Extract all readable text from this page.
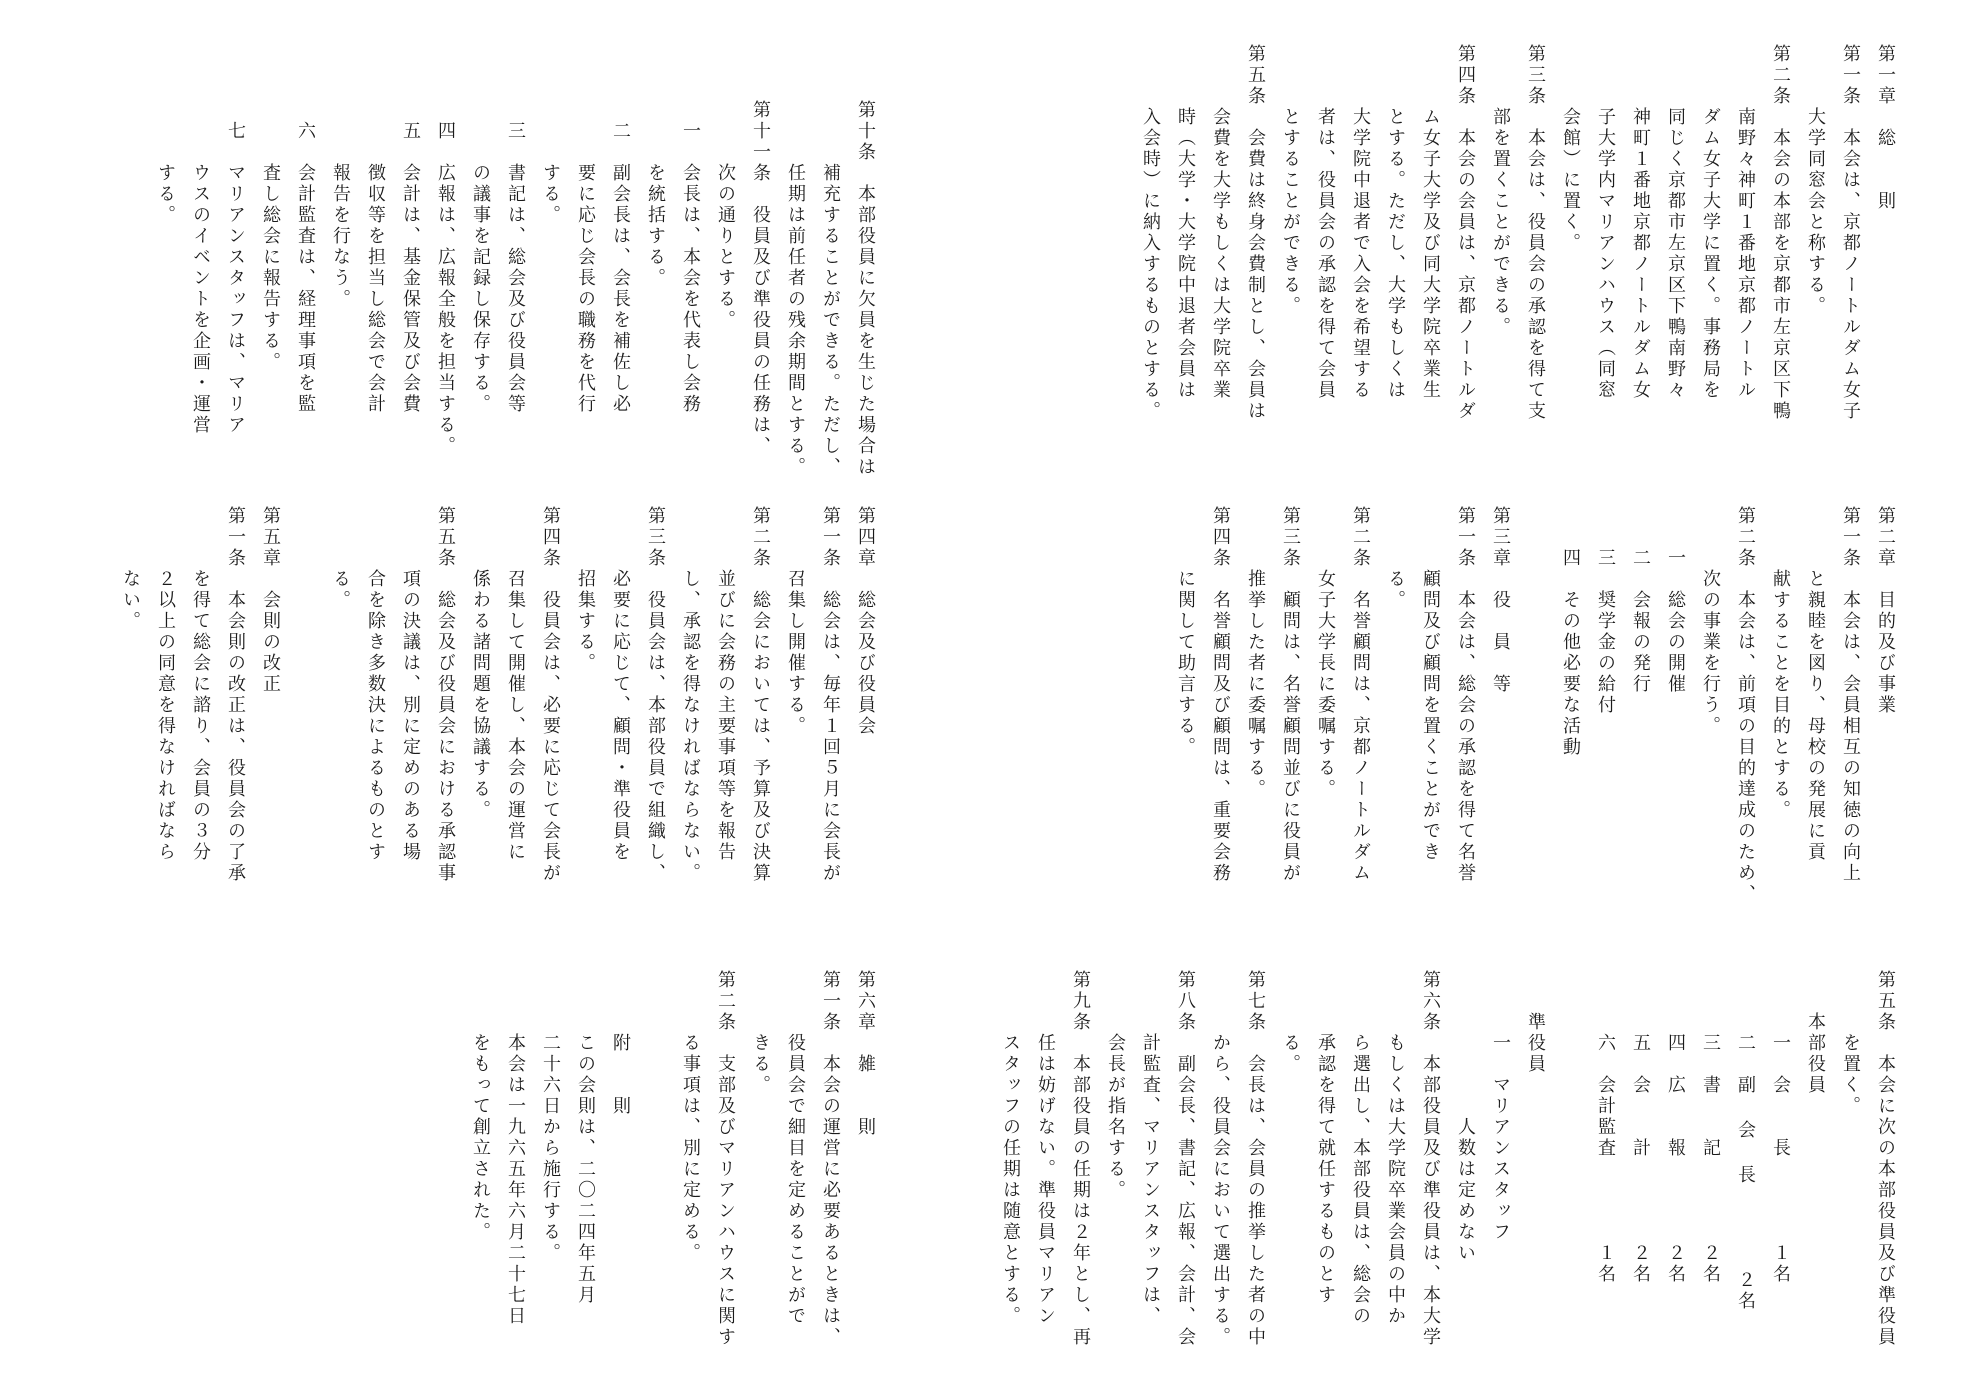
第一章　総　　則
第一条　本会は、京都ノートルダム女子
　　　大学同窓会と称する。
第二条　本会の本部を京都市左京区下鴨
　　　南野々神町１番地京都ノートル
　　　ダム女子大学に置く。事務局を
　　　同じく京都市左京区下鴨南野々
　　　神町１番地京都ノートルダム女
　　　子大学内マリアンハウス（同窓
　　　会館）に置く。
第三条　本会は、役員会の承認を得て支
　　　部を置くことができる。
第四条　本会の会員は、京都ノートルダ
　　　ム女子大学及び同大学院卒業生
　　　とする。ただし、大学もしくは
　　　大学院中退者で入会を希望する
　　　者は、役員会の承認を得て会員
　　　とすることができる。
第五条　会費は終身会費制とし、会員は
　　　会費を大学もしくは大学院卒業
　　　時（大学・大学院中退者会員は
　　　入会時）に納入するものとする。
第十条　本部役員に欠員を生じた場合は
　　　補充することができる。ただし、
　　　任期は前任者の残余期間とする。
第十一条　役員及び準役員の任務は、
　　　次の通りとする。
　一　会長は、本会を代表し会務
　　　を統括する。
　二　副会長は、会長を補佐し必
　　　要に応じ会長の職務を代行
　　　する。
　三　書記は、総会及び役員会等
　　　の議事を記録し保存する。
　四　広報は、広報全般を担当する。
　五　会計は、基金保管及び会費
　　　徴収等を担当し総会で会計
　　　報告を行なう。
　六　会計監査は、経理事項を監
　　　査し総会に報告する。
　七　マリアンスタッフは、マリア
　　　ウスのイベントを企画・運営
　　　する。
第二章　目的及び事業
第一条　本会は、会員相互の知徳の向上
　　　と親睦を図り、母校の発展に貢
　　　献することを目的とする。
第二条　本会は、前項の目的達成のため、
　　　次の事業を行う。
　　一　総会の開催
　　二　会報の発行
　　三　奨学金の給付
　　四　その他必要な活動

第三章　役　員　等
第一条　本会は、総会の承認を得て名誉
　　　顧問及び顧問を置くことができ
　　　る。
第二条　名誉顧問は、京都ノートルダム
　　　女子大学長に委嘱する。
第三条　顧問は、名誉顧問並びに役員が
　　　推挙した者に委嘱する。
第四条　名誉顧問及び顧問は、重要会務
　　　に関して助言する。
第四章　総会及び役員会
第一条　総会は、毎年１回５月に会長が
　　　召集し開催する。
第二条　総会においては、予算及び決算
　　　並びに会務の主要事項等を報告
　　　し、承認を得なければならない。
第三条　役員会は、本部役員で組織し、
　　　必要に応じて、顧問・準役員を
　　　招集する。
第四条　役員会は、必要に応じて会長が
　　　召集して開催し、本会の運営に
　　　係わる諸問題を協議する。
第五条　総会及び役員会における承認事
　　　項の決議は、別に定めのある場
　　　合を除き多数決によるものとす
　　　る。

第五章　会則の改正
第一条　本会則の改正は、役員会の了承
　　　を得て総会に諮り、会員の３分
　　　２以上の同意を得なければなら
　　　ない。
第五条　本会に次の本部役員及び準役員
　　　を置く。
　　本部役員
　　　一　会　　長　　　　１名
　　　二　副 会 長　　　　２名
　　　三　書　　記　　　　２名
　　　四　広　　報　　　　２名
　　　五　会　　計　　　　２名
　　　六　会計監査　　　　１名

　　準役員
　　　一　マリアンスタッフ
　　　　　　　人数は定めない
第六条　本部役員及び準役員は、本大学
　　　もしくは大学院卒業会員の中か
　　　ら選出し、本部役員は、総会の
　　　承認を得て就任するものとす
　　　る。
第七条　会長は、会員の推挙した者の中
　　　から、役員会において選出する。
第八条　副会長、書記、広報、会計、会
　　　計監査、マリアンスタッフは、
　　　会長が指名する。
第九条　本部役員の任期は２年とし、再
　　　任は妨げない。準役員マリアン
　　　スタッフの任期は随意とする。
第六章　雑　　則
第一条　本会の運営に必要あるときは、
　　　役員会で細目を定めることがで
　　　きる。
第二条　支部及びマリアンハウスに関す
　　　る事項は、別に定める。

　　　附　　則
　　　この会則は、二〇二四年五月
　　　二十六日から施行する。
　　　本会は一九六五年六月二十七日
　　　をもって創立された。
